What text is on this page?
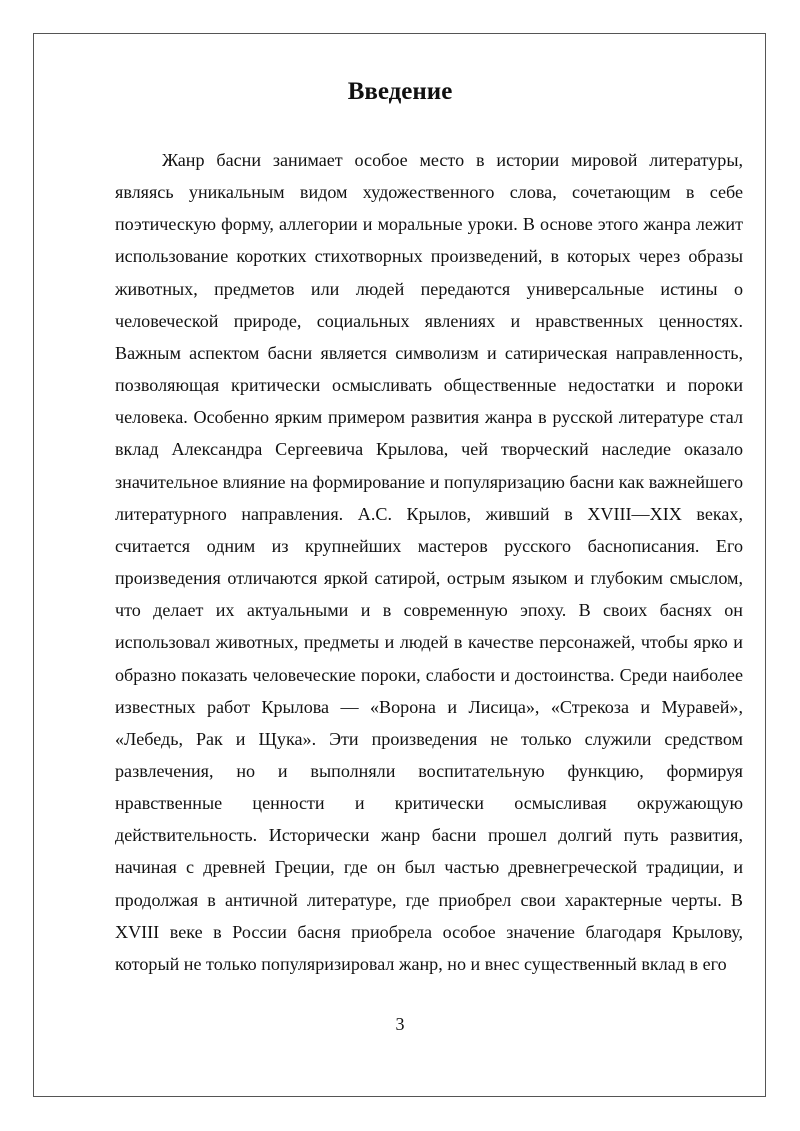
Введение

Жанр басни занимает особое место в истории мировой литературы, являясь уникальным видом художественного слова, сочетающим в себе поэтическую форму, аллегории и моральные уроки. В основе этого жанра лежит использование коротких стихотворных произведений, в которых через образы животных, предметов или людей передаются универсальные истины о человеческой природе, социальных явлениях и нравственных ценностях. Важным аспектом басни является символизм и сатирическая направленность, позволяющая критически осмысливать общественные недостатки и пороки человека. Особенно ярким примером развития жанра в русской литературе стал вклад Александра Сергеевича Крылова, чей творческий наследие оказало значительное влияние на формирование и популяризацию басни как важнейшего литературного направления. А.С. Крылов, живший в XVIII—XIX веках, считается одним из крупнейших мастеров русского баснописания. Его произведения отличаются яркой сатирой, острым языком и глубоким смыслом, что делает их актуальными и в современную эпоху. В своих баснях он использовал животных, предметы и людей в качестве персонажей, чтобы ярко и образно показать человеческие пороки, слабости и достоинства. Среди наиболее известных работ Крылова — «Ворона и Лисица», «Стрекоза и Муравей», «Лебедь, Рак и Щука». Эти произведения не только служили средством развлечения, но и выполняли воспитательную функцию, формируя нравственные ценности и критически осмысливая окружающую действительность. Исторически жанр басни прошел долгий путь развития, начиная с древней Греции, где он был частью древнегреческой традиции, и продолжая в античной литературе, где приобрел свои характерные черты. В XVIII веке в России басня приобрела особое значение благодаря Крылову, который не только популяризировал жанр, но и внес существенный вклад в его

3
